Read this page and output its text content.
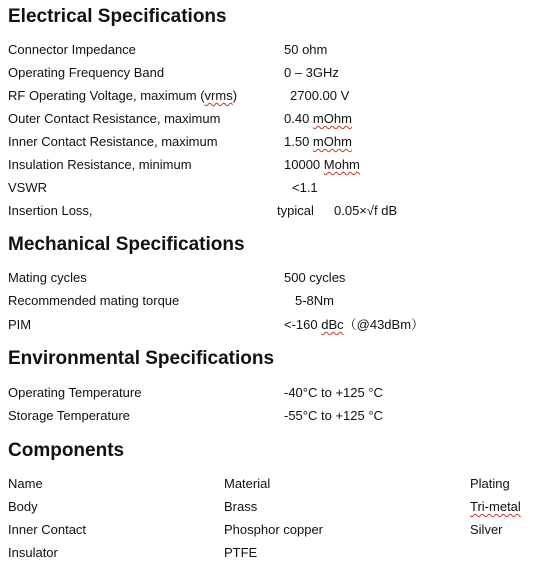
Electrical Specifications
Connector Impedance	50 ohm
Operating Frequency Band	0 – 3GHz
RF Operating Voltage, maximum (vrms)	2700.00 V
Outer Contact Resistance, maximum	0.40 mOhm
Inner Contact Resistance, maximum	1.50 mOhm
Insulation Resistance, minimum	10000 Mohm
VSWR	<1.1
Insertion Loss,	typical 0.05×√f dB
Mechanical Specifications
Mating cycles	500 cycles
Recommended mating torque	5-8Nm
PIM	<-160 dBc（@43dBm）
Environmental Specifications
Operating Temperature	-40°C to +125 °C
Storage Temperature	-55°C to +125 °C
Components
Name	Material	Plating
Body	Brass	Tri-metal
Inner Contact	Phosphor copper	Silver
Insulator	PTFE
